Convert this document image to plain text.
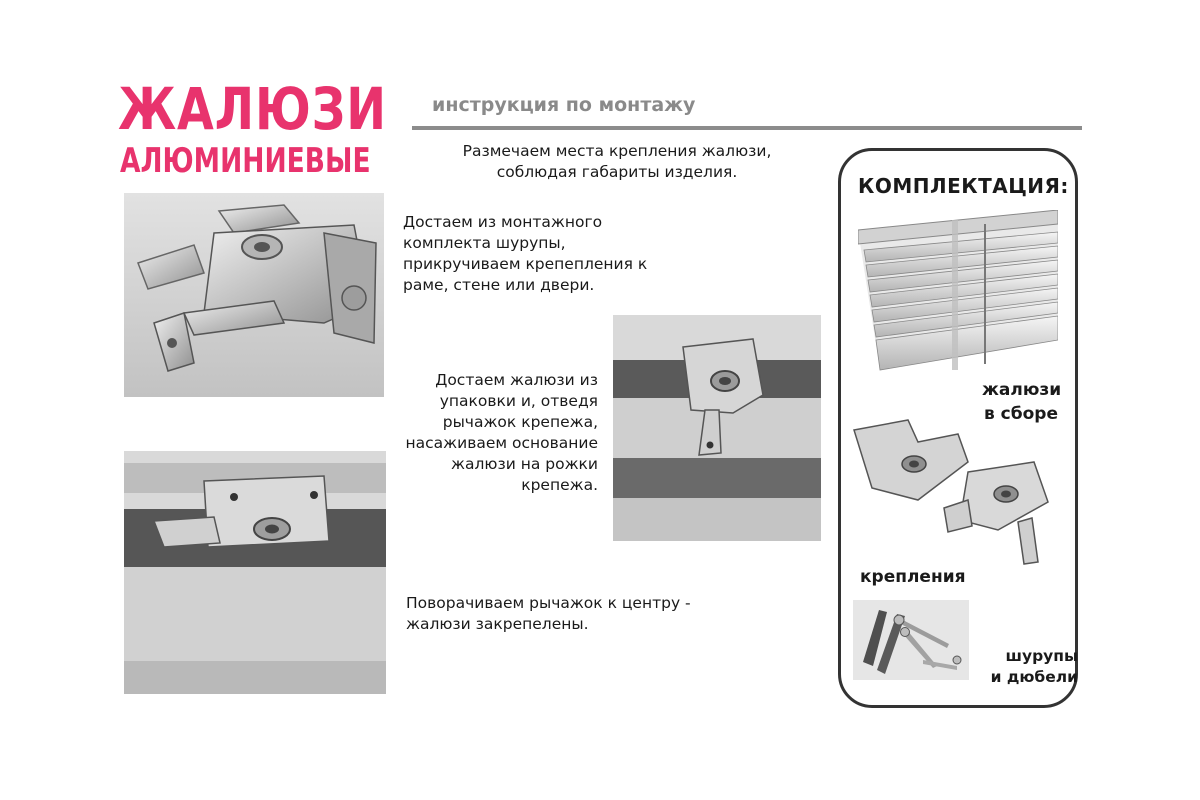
ЖАЛЮЗИ
АЛЮМИНИЕВЫЕ
инструкция по монтажу
Размечаем места крепления жалюзи,
соблюдая габариты изделия.
Достаем из монтажного
комплекта шурупы,
прикручиваем крепепления к
раме, стене или двери.
Достаем жалюзи из
упаковки и, отведя
рычажок крепежа,
насаживаем основание
жалюзи на рожки
крепежа.
Поворачиваем рычажок к центру -
жалюзи закрепелены.
КОМПЛЕКТАЦИЯ:
жалюзи
в сборе
крепления
шурупы
и дюбели
